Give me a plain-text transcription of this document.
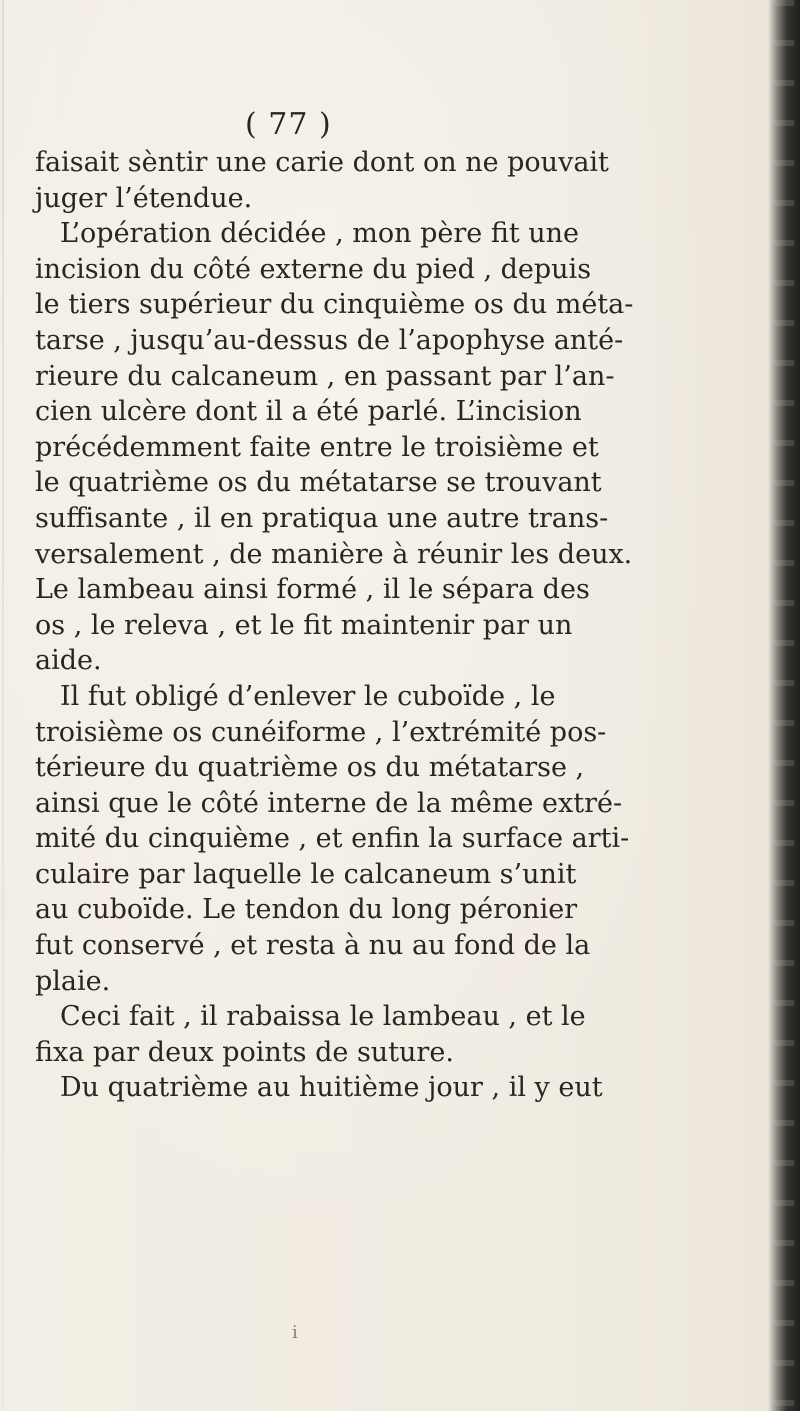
( 77 )
faisait sèntir une carie dont on ne pouvait
juger l’étendue.
L’opération décidée , mon père fit une
incision du côté externe du pied , depuis
le tiers supérieur du cinquième os du méta-
tarse , jusqu’au-dessus de l’apophyse anté-
rieure du calcaneum , en passant par l’an-
cien ulcère dont il a été parlé. L’incision
précédemment faite entre le troisième et
le quatrième os du métatarse se trouvant
suffisante , il en pratiqua une autre trans-
versalement , de manière à réunir les deux.
Le lambeau ainsi formé , il le sépara des
os , le releva , et le fit maintenir par un
aide.
Il fut obligé d’enlever le cuboïde , le
troisième os cunéiforme , l’extrémité pos-
térieure du quatrième os du métatarse ,
ainsi que le côté interne de la même extré-
mité du cinquième , et enfin la surface arti-
culaire par laquelle le calcaneum s’unit
au cuboïde. Le tendon du long péronier
fut conservé , et resta à nu au fond de la
plaie.
Ceci fait , il rabaissa le lambeau , et le
fixa par deux points de suture.
Du quatrième au huitième jour , il y eut
i
